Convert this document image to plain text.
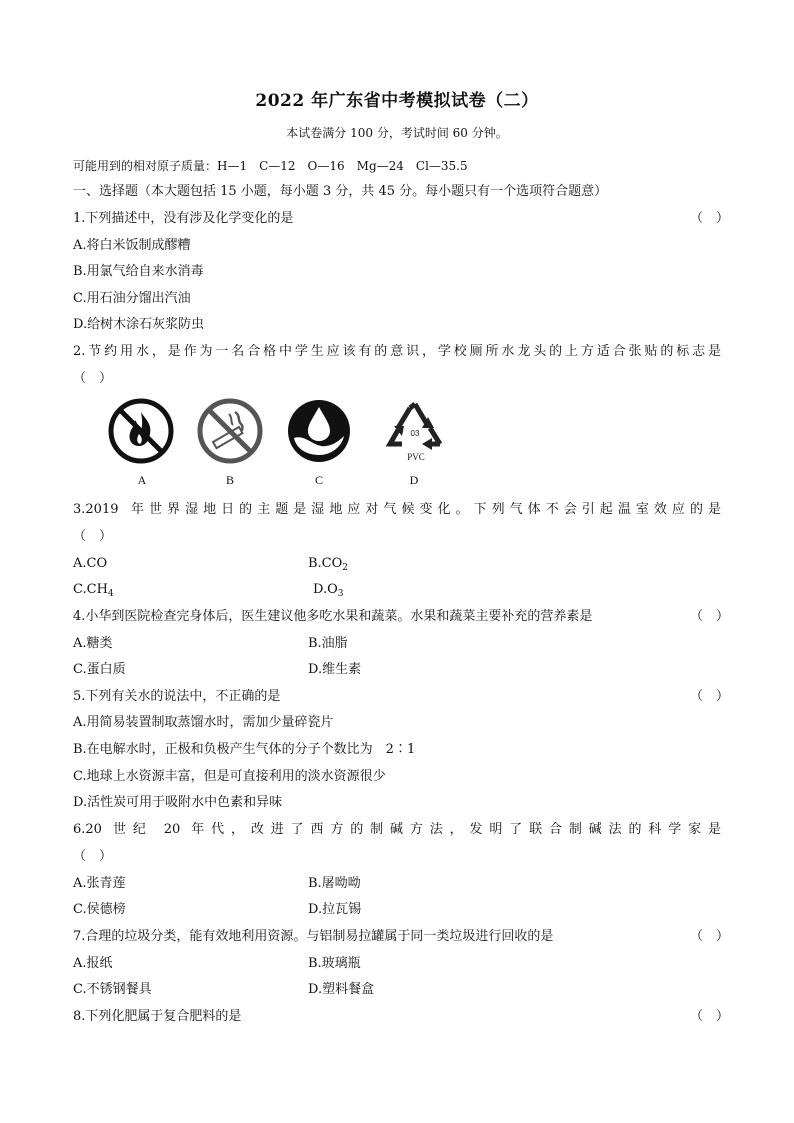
2022 年广东省中考模拟试卷（二）
本试卷满分 100 分，考试时间 60 分钟。
可能用到的相对原子质量：H—1　C—12　O—16　Mg—24　Cl—35.5
一、选择题（本大题包括 15 小题，每小题 3 分，共 45 分。每小题只有一个选项符合题意）
1.下列描述中，没有涉及化学变化的是	（　）
A.将白米饭制成醪糟
B.用氯气给自来水消毒
C.用石油分馏出汽油
D.给树木涂石灰浆防虫
2.节约用水，是作为一名合格中学生应该有的意识，学校厕所水龙头的上方适合张贴的标志是
（　）
03
PVC
A	B	C	D
3.2019 年世界湿地日的主题是湿地应对气候变化。下列气体不会引起温室效应的是
（　）
A.CO	$B.CO_2$
$C.CH_4$	$D.O_3$
4.小华到医院检查完身体后，医生建议他多吃水果和蔬菜。水果和蔬菜主要补充的营养素是	（　）
A.糖类	B.油脂
C.蛋白质	D.维生素
5.下列有关水的说法中，不正确的是	（　）
A.用简易装置制取蒸馏水时，需加少量碎瓷片
B.在电解水时，正极和负极产生气体的分子个数比为　2∶1
C.地球上水资源丰富，但是可直接利用的淡水资源很少
D.活性炭可用于吸附水中色素和异味
6.20 世纪 20 年代，改进了西方的制碱方法，发明了联合制碱法的科学家是
（　）
A.张青莲	B.屠呦呦
C.侯德榜	D.拉瓦锡
7.合理的垃圾分类，能有效地利用资源。与铝制易拉罐属于同一类垃圾进行回收的是	（　）
A.报纸	B.玻璃瓶
C.不锈钢餐具	D.塑料餐盒
8.下列化肥属于复合肥料的是	（　）
